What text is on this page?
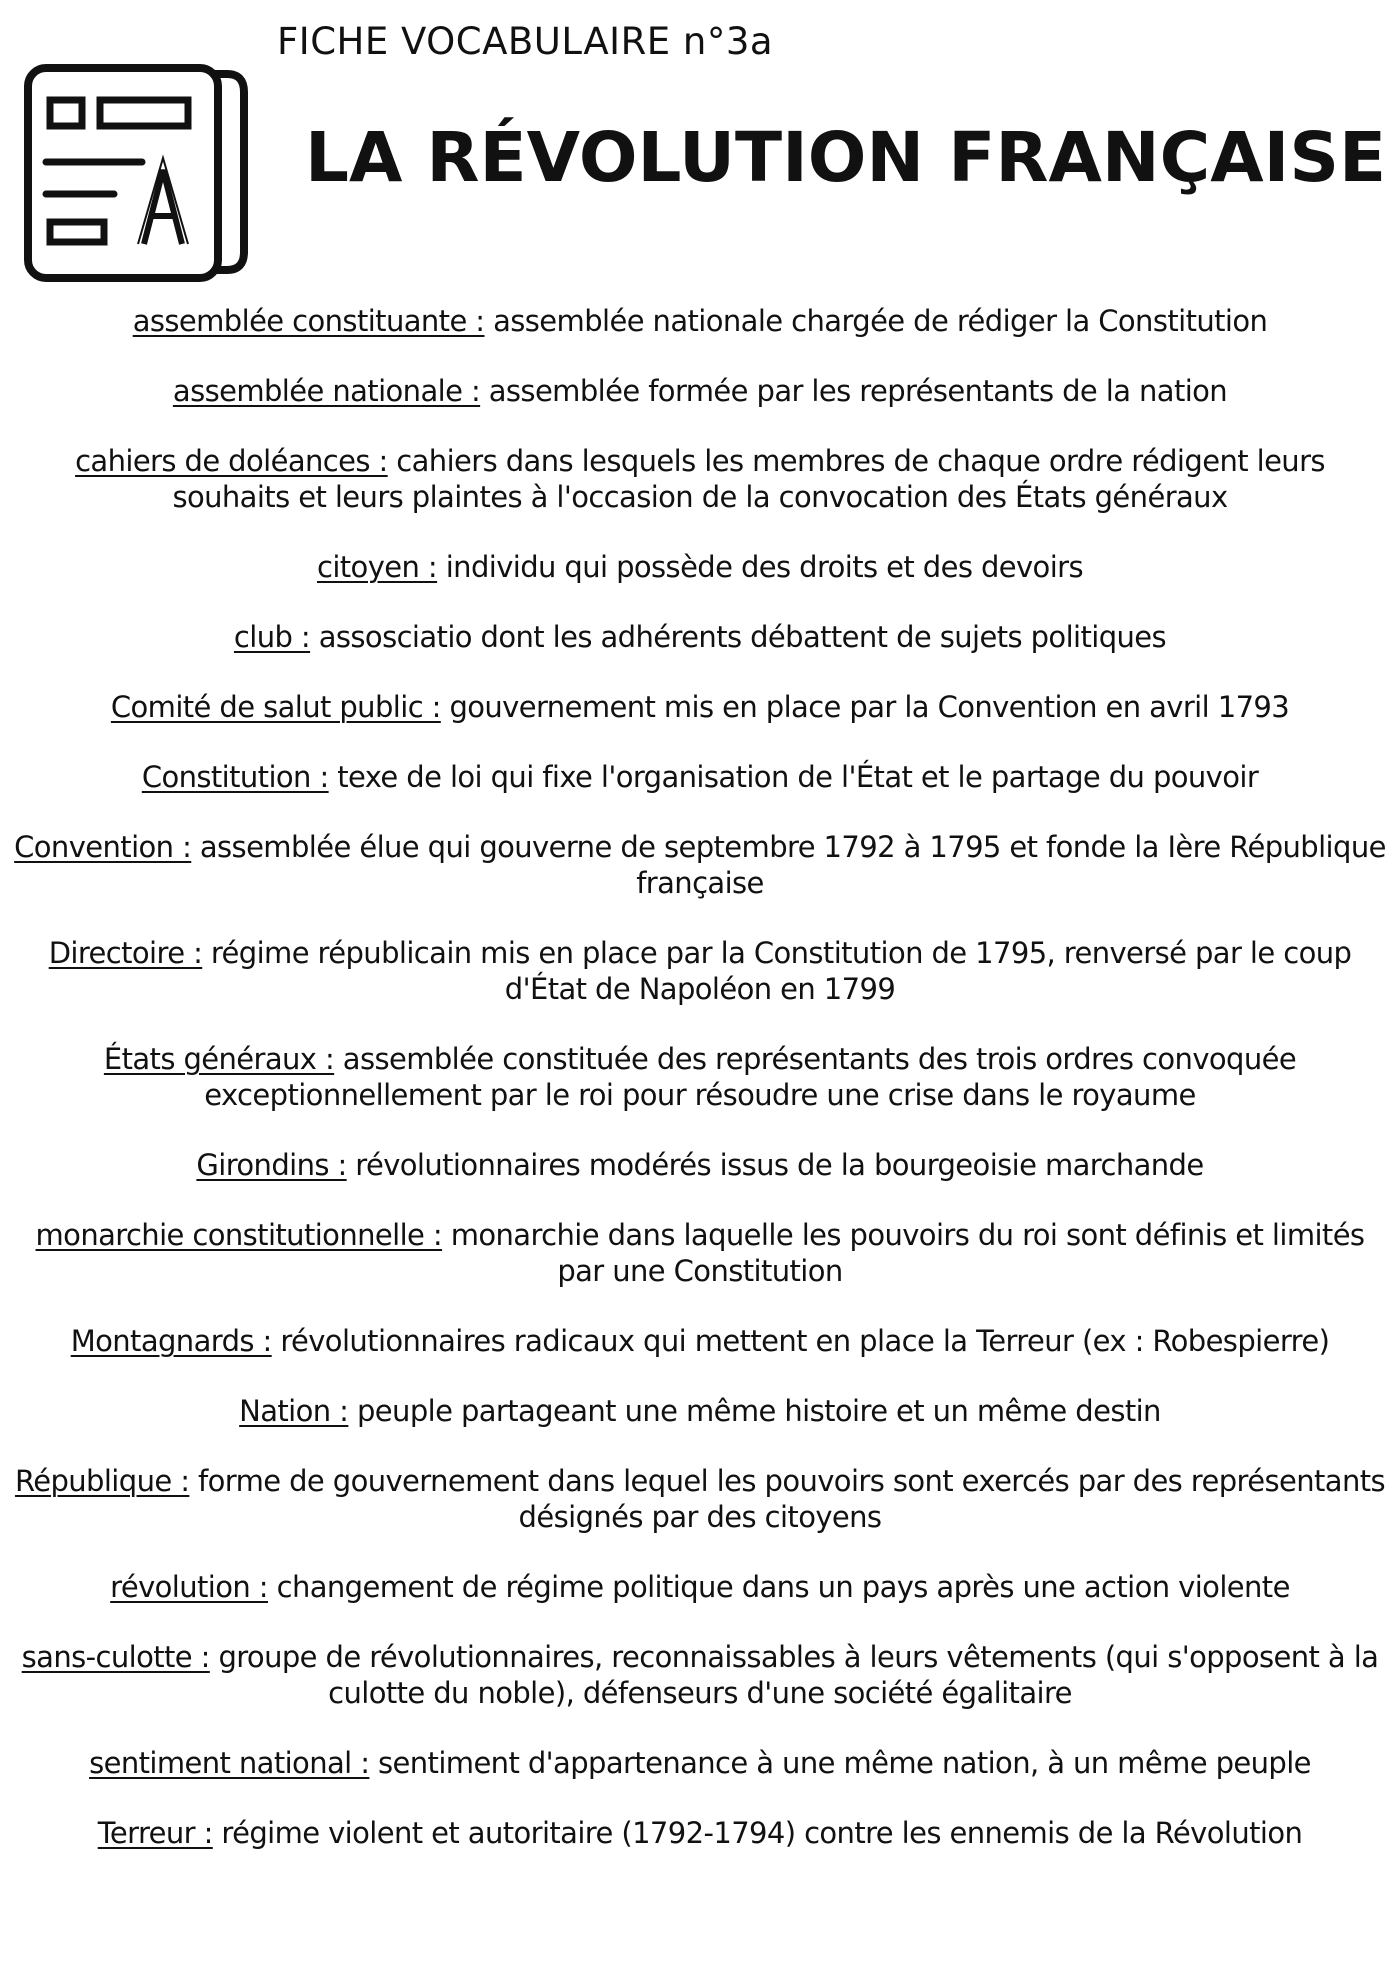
FICHE VOCABULAIRE n°3a
LA RÉVOLUTION FRANÇAISE

assemblée constituante : assemblée nationale chargée de rédiger la Constitution

assemblée nationale : assemblée formée par les représentants de la nation

cahiers de doléances : cahiers dans lesquels les membres de chaque ordre rédigent leurs souhaits et leurs plaintes à l'occasion de la convocation des États généraux

citoyen : individu qui possède des droits et des devoirs

club : assosciatio dont les adhérents débattent de sujets politiques

Comité de salut public : gouvernement mis en place par la Convention en avril 1793

Constitution : texe de loi qui fixe l'organisation de l'État et le partage du pouvoir

Convention : assemblée élue qui gouverne de septembre 1792 à 1795 et fonde la Ière République française

Directoire : régime républicain mis en place par la Constitution de 1795, renversé par le coup d'État de Napoléon en 1799

États généraux : assemblée constituée des représentants des trois ordres convoquée exceptionnellement par le roi pour résoudre une crise dans le royaume

Girondins : révolutionnaires modérés issus de la bourgeoisie marchande

monarchie constitutionnelle : monarchie dans laquelle les pouvoirs du roi sont définis et limités par une Constitution

Montagnards : révolutionnaires radicaux qui mettent en place la Terreur (ex : Robespierre)

Nation : peuple partageant une même histoire et un même destin

République : forme de gouvernement dans lequel les pouvoirs sont exercés par des représentants désignés par des citoyens

révolution : changement de régime politique dans un pays après une action violente

sans-culotte : groupe de révolutionnaires, reconnaissables à leurs vêtements (qui s'opposent à la culotte du noble), défenseurs d'une société égalitaire

sentiment national : sentiment d'appartenance à une même nation, à un même peuple

Terreur : régime violent et autoritaire (1792-1794) contre les ennemis de la Révolution
